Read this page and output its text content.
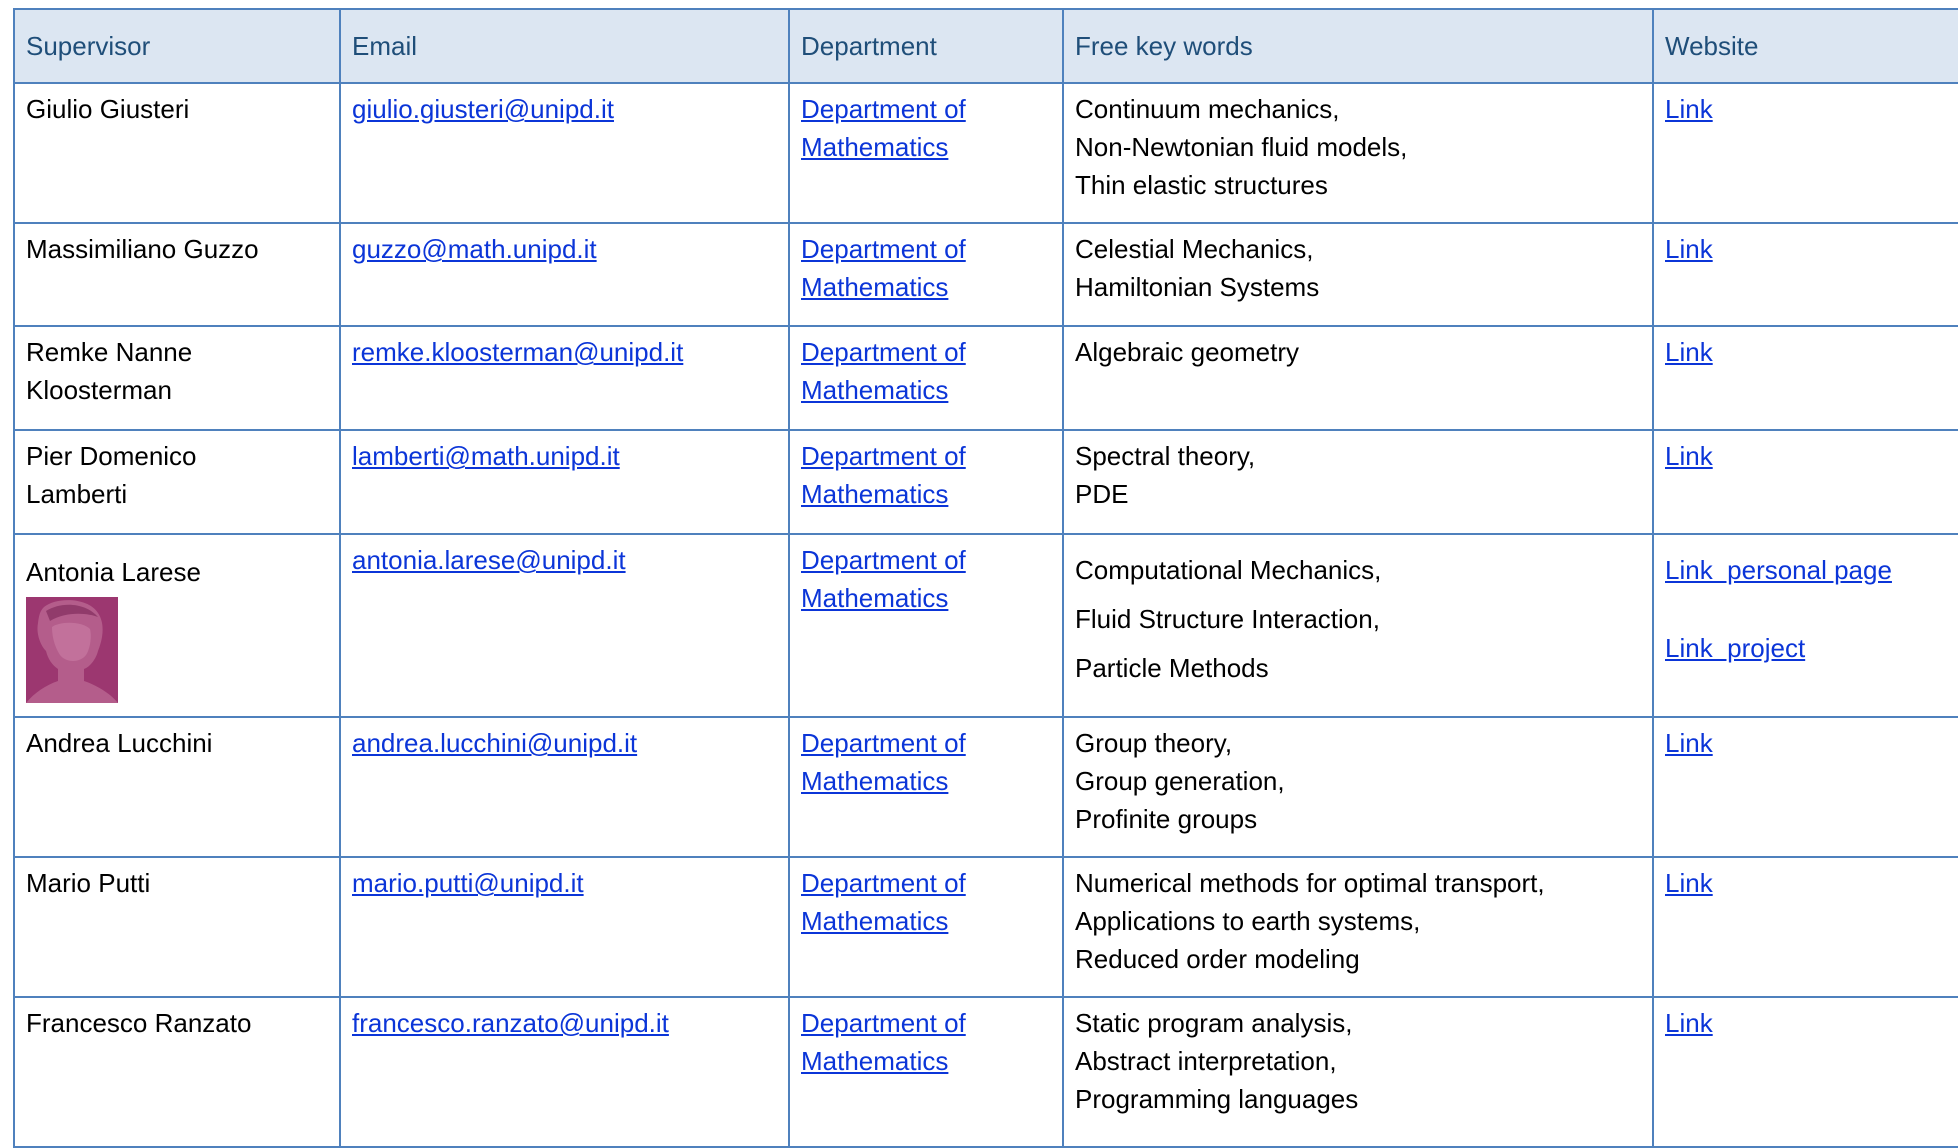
Supervisor	Email	Department	Free key words	Website

Giulio Giusteri	giulio.giusteri@unipd.it	Department of
Mathematics	Continuum mechanics,
Non-Newtonian fluid models,
Thin elastic structures	Link

Massimiliano Guzzo	guzzo@math.unipd.it	Department of
Mathematics	Celestial Mechanics,
Hamiltonian Systems	Link

Remke Nanne
Kloosterman	remke.kloosterman@unipd.it	Department of
Mathematics	Algebraic geometry	Link

Pier Domenico
Lamberti	lamberti@math.unipd.it	Department of
Mathematics	Spectral theory,
PDE	Link

Antonia Larese	antonia.larese@unipd.it	Department of
Mathematics	Computational Mechanics,
Fluid Structure Interaction,
Particle Methods	Link  personal page
Link  project

Andrea Lucchini	andrea.lucchini@unipd.it	Department of
Mathematics	Group theory,
Group generation,
Profinite groups	Link

Mario Putti	mario.putti@unipd.it	Department of
Mathematics	Numerical methods for optimal transport,
Applications to earth systems,
Reduced order modeling	Link

Francesco Ranzato	francesco.ranzato@unipd.it	Department of
Mathematics	Static program analysis,
Abstract interpretation,
Programming languages	Link
